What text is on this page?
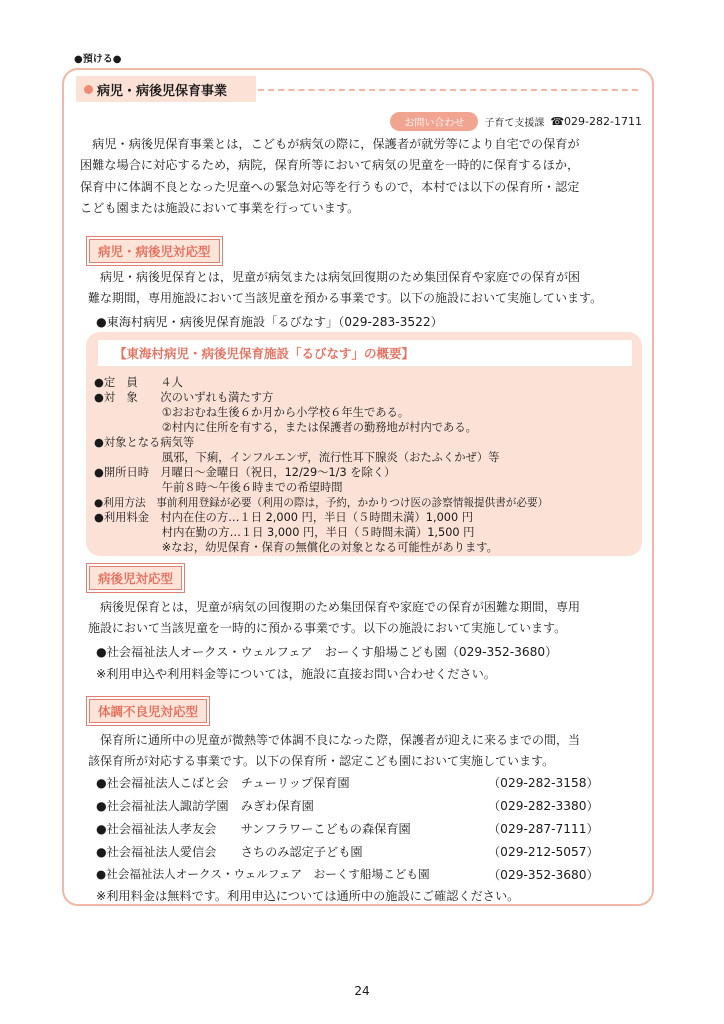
●預ける●
病児・病後児保育事業
お問い合わせ	子育て支援課 ☎029-282-1711

　病児・病後児保育事業とは，こどもが病気の際に，保護者が就労等により自宅での保育が
困難な場合に対応するため，病院，保育所等において病気の児童を一時的に保育するほか，
保育中に体調不良となった児童への緊急対応等を行うもので，本村では以下の保育所・認定
こども園または施設において事業を行っています。

病児・病後児対応型

　病児・病後児保育とは，児童が病気または病気回復期のため集団保育や家庭での保育が困
難な期間，専用施設において当該児童を預かる事業です。以下の施設において実施しています。

●東海村病児・病後児保育施設「るびなす」（029-283-3522）
【東海村病児・病後児保育施設「るびなす」の概要】
●定　員　　４人
●対　象　　次のいずれも満たす方
　　　　　　①おおむね生後６か月から小学校６年生である。
　　　　　　②村内に住所を有する，または保護者の勤務地が村内である。
●対象となる病気等
　　　　　　風邪，下痢，インフルエンザ，流行性耳下腺炎（おたふくかぜ）等
●開所日時　月曜日～金曜日（祝日，12/29～1/3 を除く）
　　　　　　午前８時～午後６時までの希望時間
●利用方法　事前利用登録が必要（利用の際は，予約，かかりつけ医の診察情報提供書が必要）
●利用料金　村内在住の方…１日 2,000 円，半日（５時間未満）1,000 円
　　　　　　村内在勤の方…１日 3,000 円，半日（５時間未満）1,500 円
　　　　　　※なお，幼児保育・保育の無償化の対象となる可能性があります。
病後児対応型

　病後児保育とは，児童が病気の回復期のため集団保育や家庭での保育が困難な期間，専用
施設において当該児童を一時的に預かる事業です。以下の施設において実施しています。

●社会福祉法人オークス・ウェルフェア　おーくす船場こども園（029-352-3680）
※利用申込や利用料金等については，施設に直接お問い合わせください。
体調不良児対応型

　保育所に通所中の児童が微熱等で体調不良になった際，保護者が迎えに来るまでの間，当
該保育所が対応する事業です。以下の保育所・認定こども園において実施しています。

●社会福祉法人こばと会　チューリップ保育園	（029-282-3158）
●社会福祉法人諏訪学園　みぎわ保育園	（029-282-3380）
●社会福祉法人孝友会　　サンフラワーこどもの森保育園	（029-287-7111）
●社会福祉法人愛信会　　さちのみ認定子ども園	（029-212-5057）
●社会福祉法人オークス・ウェルフェア　おーくす船場こども園	（029-352-3680）
※利用料金は無料です。利用申込については通所中の施設にご確認ください。
24
